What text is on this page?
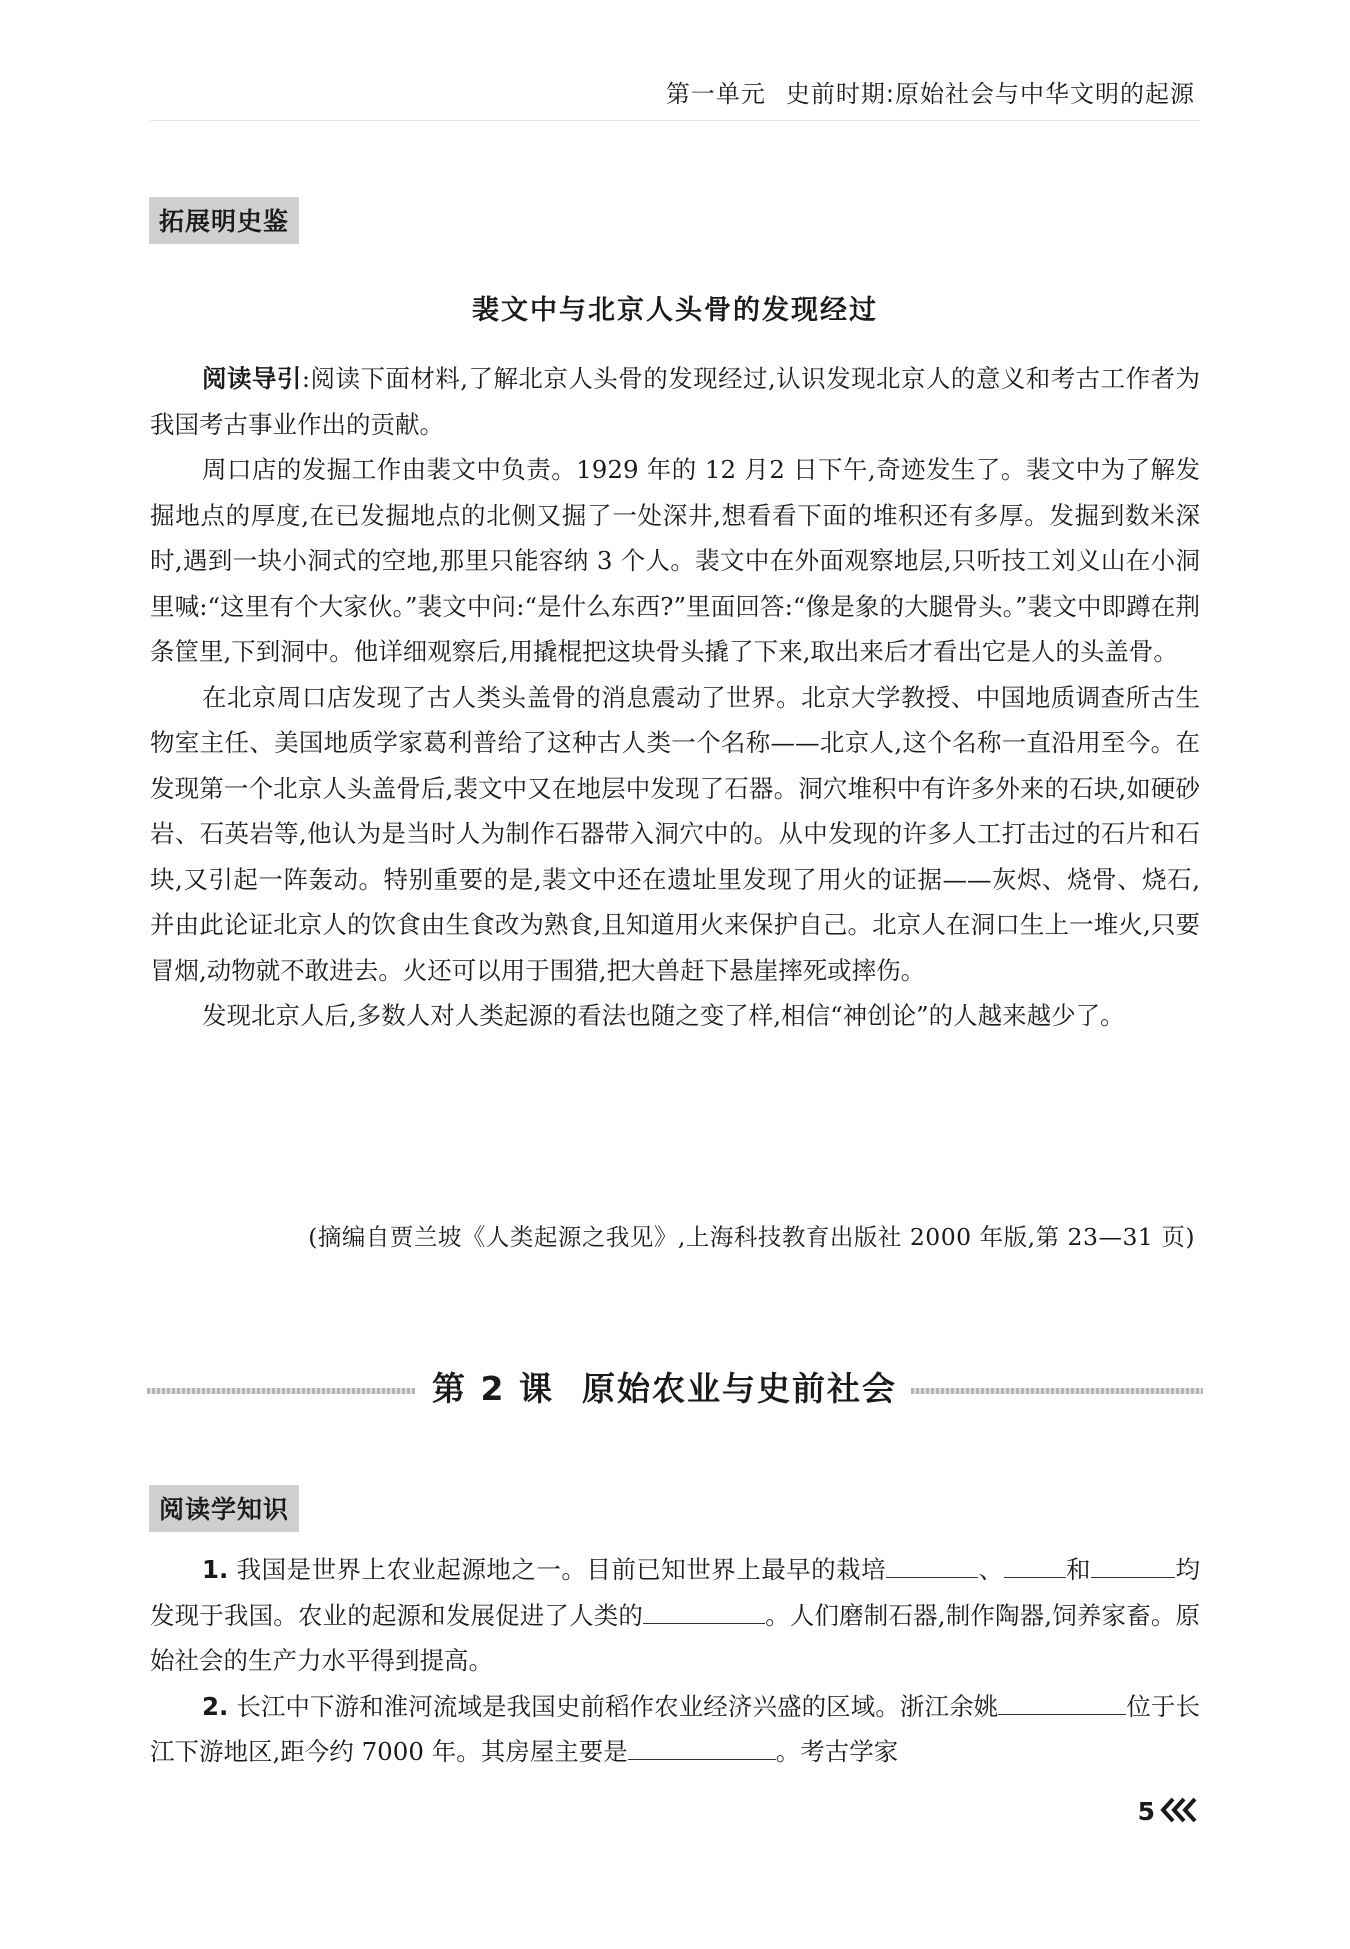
第一单元 史前时期:原始社会与中华文明的起源
拓展明史鉴
裴文中与北京人头骨的发现经过

阅读导引:阅读下面材料,了解北京人头骨的发现经过,认识发现北京人的意义和考古工作者为我国考古事业作出的贡献。

周口店的发掘工作由裴文中负责。1929 年的 12 月2 日下午,奇迹发生了。裴文中为了解发掘地点的厚度,在已发掘地点的北侧又掘了一处深井,想看看下面的堆积还有多厚。发掘到数米深时,遇到一块小洞式的空地,那里只能容纳 3 个人。裴文中在外面观察地层,只听技工刘义山在小洞里喊:“这里有个大家伙。”裴文中问:“是什么东西?”里面回答:“像是象的大腿骨头。”裴文中即蹲在荆条筐里,下到洞中。他详细观察后,用撬棍把这块骨头撬了下来,取出来后才看出它是人的头盖骨。

在北京周口店发现了古人类头盖骨的消息震动了世界。北京大学教授、中国地质调查所古生物室主任、美国地质学家葛利普给了这种古人类一个名称——北京人,这个名称一直沿用至今。在发现第一个北京人头盖骨后,裴文中又在地层中发现了石器。洞穴堆积中有许多外来的石块,如硬砂岩、石英岩等,他认为是当时人为制作石器带入洞穴中的。从中发现的许多人工打击过的石片和石块,又引起一阵轰动。特别重要的是,裴文中还在遗址里发现了用火的证据——灰烬、烧骨、烧石,并由此论证北京人的饮食由生食改为熟食,且知道用火来保护自己。北京人在洞口生上一堆火,只要冒烟,动物就不敢进去。火还可以用于围猎,把大兽赶下悬崖摔死或摔伤。

发现北京人后,多数人对人类起源的看法也随之变了样,相信“神创论”的人越来越少了。

(摘编自贾兰坡《人类起源之我见》,上海科技教育出版社 2000 年版,第 23—31 页)

第 2 课 原始农业与史前社会
阅读学知识

1. 我国是世界上农业起源地之一。目前已知世界上最早的栽培	、	和	均发现于我国。农业的起源和发展促进了人类的	。人们磨制石器,制作陶器,饲养家畜。原始社会的生产力水平得到提高。

2. 长江中下游和淮河流域是我国史前稻作农业经济兴盛的区域。浙江余姚	位于长江下游地区,距今约 7000 年。其房屋主要是	。考古学家

5
